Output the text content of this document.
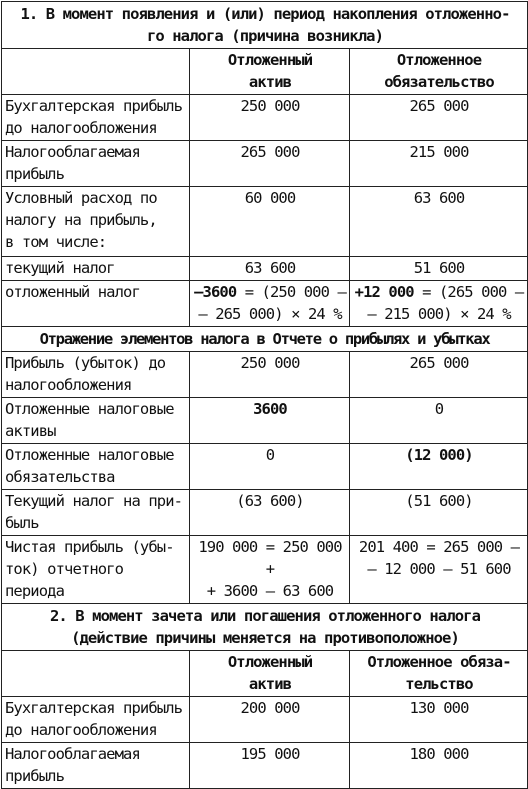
1. В момент появления и (или) период накопления отложенно-
го налога (причина возникла)		
	Отложенный
актив	Отложенное
обязательство
Бухгалтерская прибыль
до налогообложения	250 000	265 000
Налогооблагаемая
прибыль	265 000	215 000
Условный расход по
налогу на прибыль,
в том числе:	60 000	63 600
текущий налог	63 600	51 600
отложенный налог	–3600 = (250 000 –
– 265 000) × 24 %	+12 000 = (265 000 –
– 215 000) × 24 %
Отражение элементов налога в Отчете о прибылях и убытках		
Прибыль (убыток) до
налогообложения	250 000	265 000
Отложенные налоговые
активы	3600	0
Отложенные налоговые
обязательства	0	(12 000)
Текущий налог на при-
быль	(63 600)	(51 600)
Чистая прибыль (убы-
ток) отчетного периода	190 000 = 250 000 +
+ 3600 – 63 600	201 400 = 265 000 –
– 12 000 – 51 600
2. В момент зачета или погашения отложенного налога
(действие причины меняется на противоположное)		
	Отложенный
актив	Отложенное обяза-
тельство
Бухгалтерская прибыль
до налогообложения	200 000	130 000
Налогооблагаемая
прибыль	195 000	180 000
